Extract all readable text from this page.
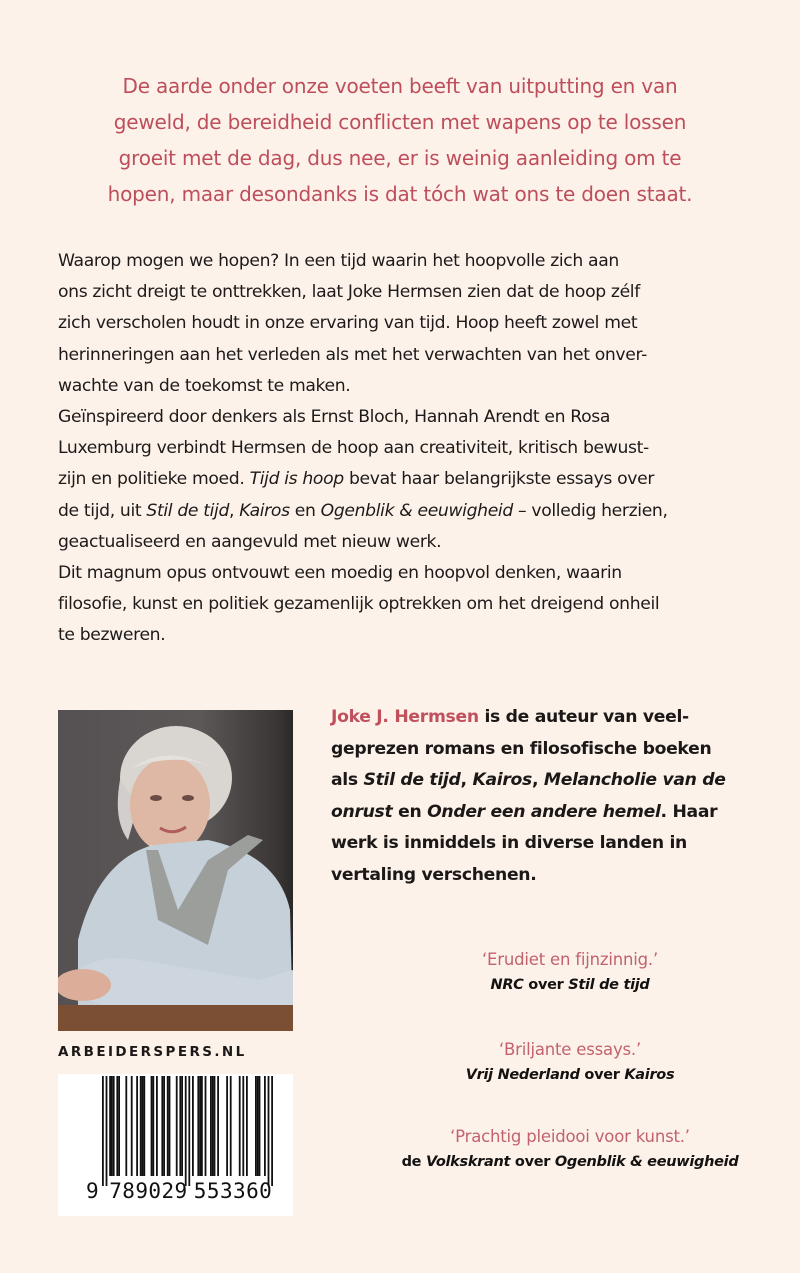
De aarde onder onze voeten beeft van uitputting en van
geweld, de bereidheid conflicten met wapens op te lossen
groeit met de dag, dus nee, er is weinig aanleiding om te
hopen, maar desondanks is dat tóch wat ons te doen staat.
Waarop mogen we hopen? In een tijd waarin het hoopvolle zich aan
ons zicht dreigt te onttrekken, laat Joke Hermsen zien dat de hoop zélf
zich verscholen houdt in onze ervaring van tijd. Hoop heeft zowel met
herinneringen aan het verleden als met het verwachten van het onver-
wachte van de toekomst te maken.
Geïnspireerd door denkers als Ernst Bloch, Hannah Arendt en Rosa
Luxemburg verbindt Hermsen de hoop aan creativiteit, kritisch bewust-
zijn en politieke moed. Tijd is hoop bevat haar belangrijkste essays over
de tijd, uit Stil de tijd, Kairos en Ogenblik & eeuwigheid – volledig herzien,
geactualiseerd en aangevuld met nieuw werk.
Dit magnum opus ontvouwt een moedig en hoopvol denken, waarin
filosofie, kunst en politiek gezamenlijk optrekken om het dreigend onheil
te bezweren.
Joke J. Hermsen is de auteur van veel-
geprezen romans en filosofische boeken
als Stil de tijd, Kairos, Melancholie van de
onrust en Onder een andere hemel. Haar
werk is inmiddels in diverse landen in
vertaling verschenen.
‘Erudiet en fijnzinnig.’
NRC over Stil de tijd
‘Briljante essays.’
Vrij Nederland over Kairos
‘Prachtig pleidooi voor kunst.’
de Volkskrant over Ogenblik & eeuwigheid
ARBEIDERSPERS.NL
9 789029 553360
